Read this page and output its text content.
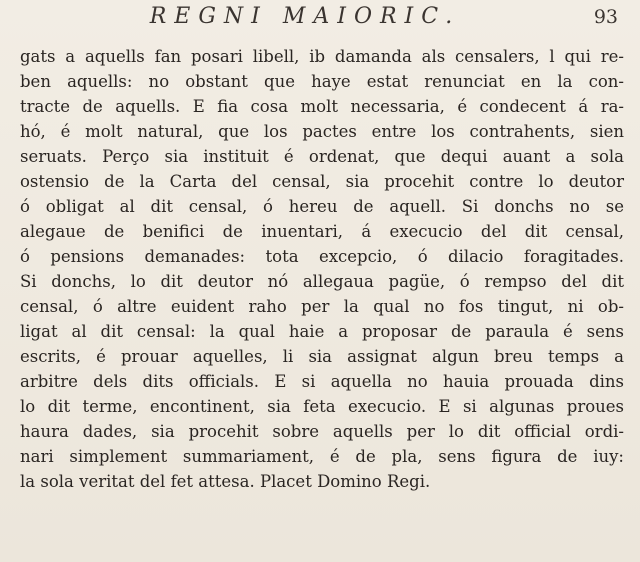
REGNI MAIORIC.	93
gats a aquells fan posari libell, ib damanda als censalers, l qui re-
ben aquells: no obstant que haye estat renunciat en la con-
tracte de aquells. E fia cosa molt necessaria, é condecent á ra-
hó, é molt natural, que los pactes entre los contrahents, sien
seruats. Perço sia instituit é ordenat, que dequi auant a sola
ostensio de la Carta del censal, sia procehit contre lo deutor
ó obligat al dit censal, ó hereu de aquell. Si donchs no se
alegaue de benifici de inuentari, á execucio del dit censal,
ó pensions demanades: tota excepcio, ó dilacio foragitades.
Si donchs, lo dit deutor nó allegaua pagüe, ó rempso del dit
censal, ó altre euident raho per la qual no fos tingut, ni ob-
ligat al dit censal: la qual haie a proposar de paraula é sens
escrits, é prouar aquelles, li sia assignat algun breu temps a
arbitre dels dits officials. E si aquella no hauia prouada dins
lo dit terme, encontinent, sia feta execucio. E si algunas proues
haura dades, sia procehit sobre aquells per lo dit official ordi-
nari simplement summariament, é de pla, sens figura de iuy:
la sola veritat del fet attesa. Placet Domino Regi.
